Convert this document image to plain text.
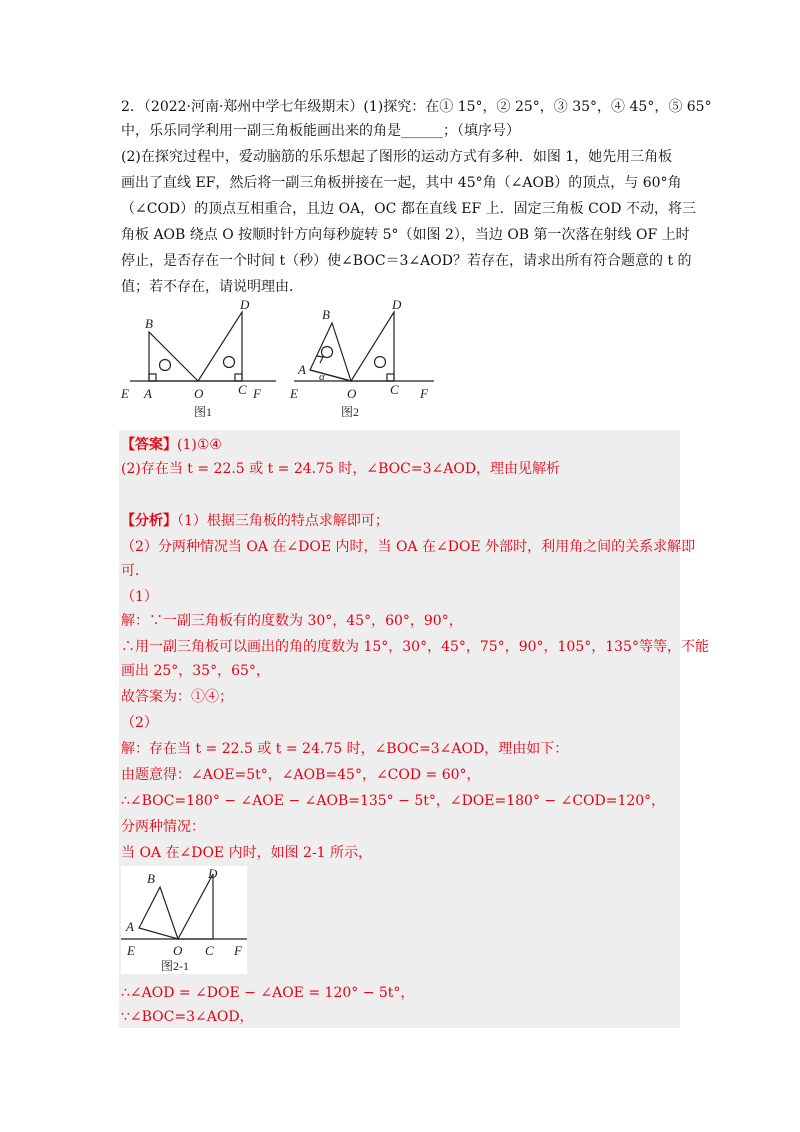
2．（2022·河南·郑州中学七年级期末）(1)探究：在① 15°，② 25°，③ 35°，④ 45°，⑤ 65°
中，乐乐同学利用一副三角板能画出来的角是______；（填序号）
(2)在探究过程中，爱动脑筋的乐乐想起了图形的运动方式有多种．如图 1，她先用三角板
画出了直线 EF，然后将一副三角板拼接在一起，其中 45°角（∠AOB）的顶点，与 60°角
（∠COD）的顶点互相重合，且边 OA，OC 都在直线 EF 上．固定三角板 COD 不动，将三
角板 AOB 绕点 O 按顺时针方向每秒旋转 5°（如图 2），当边 OB 第一次落在射线 OF 上时
停止，是否存在一个时间 t（秒）使∠BOC＝3∠AOD？若存在，请求出所有符合题意的 t 的
值；若不存在，请说明理由．
B
D
E A	O	C F
图1
B
D
A α
E	O	C F
图2
【答案】(1)①④
(2)存在当 t = 22.5 或 t = 24.75 时，∠BOC=3∠AOD，理由见解析
【分析】（1）根据三角板的特点求解即可；
（2）分两种情况当 OA 在∠DOE 内时，当 OA 在∠DOE 外部时，利用角之间的关系求解即
可．
（1）
解：∵一副三角板有的度数为 30°，45°，60°，90°，
∴用一副三角板可以画出的角的度数为 15°，30°，45°，75°，90°，105°，135°等等，不能
画出 25°，35°，65°，
故答案为：①④；
（2）
解：存在当 t = 22.5 或 t = 24.75 时，∠BOC=3∠AOD，理由如下：
由题意得：∠AOE=5t°，∠AOB=45°，∠COD = 60°，
∴∠BOC=180° − ∠AOE − ∠AOB=135° − 5t°，∠DOE=180° − ∠COD=120°，
分两种情况：
当 OA 在∠DOE 内时，如图 2-1 所示，
B	D
A
E	O C F
图2-1
∴∠AOD = ∠DOE − ∠AOE = 120° − 5t°，
∵∠BOC=3∠AOD，
